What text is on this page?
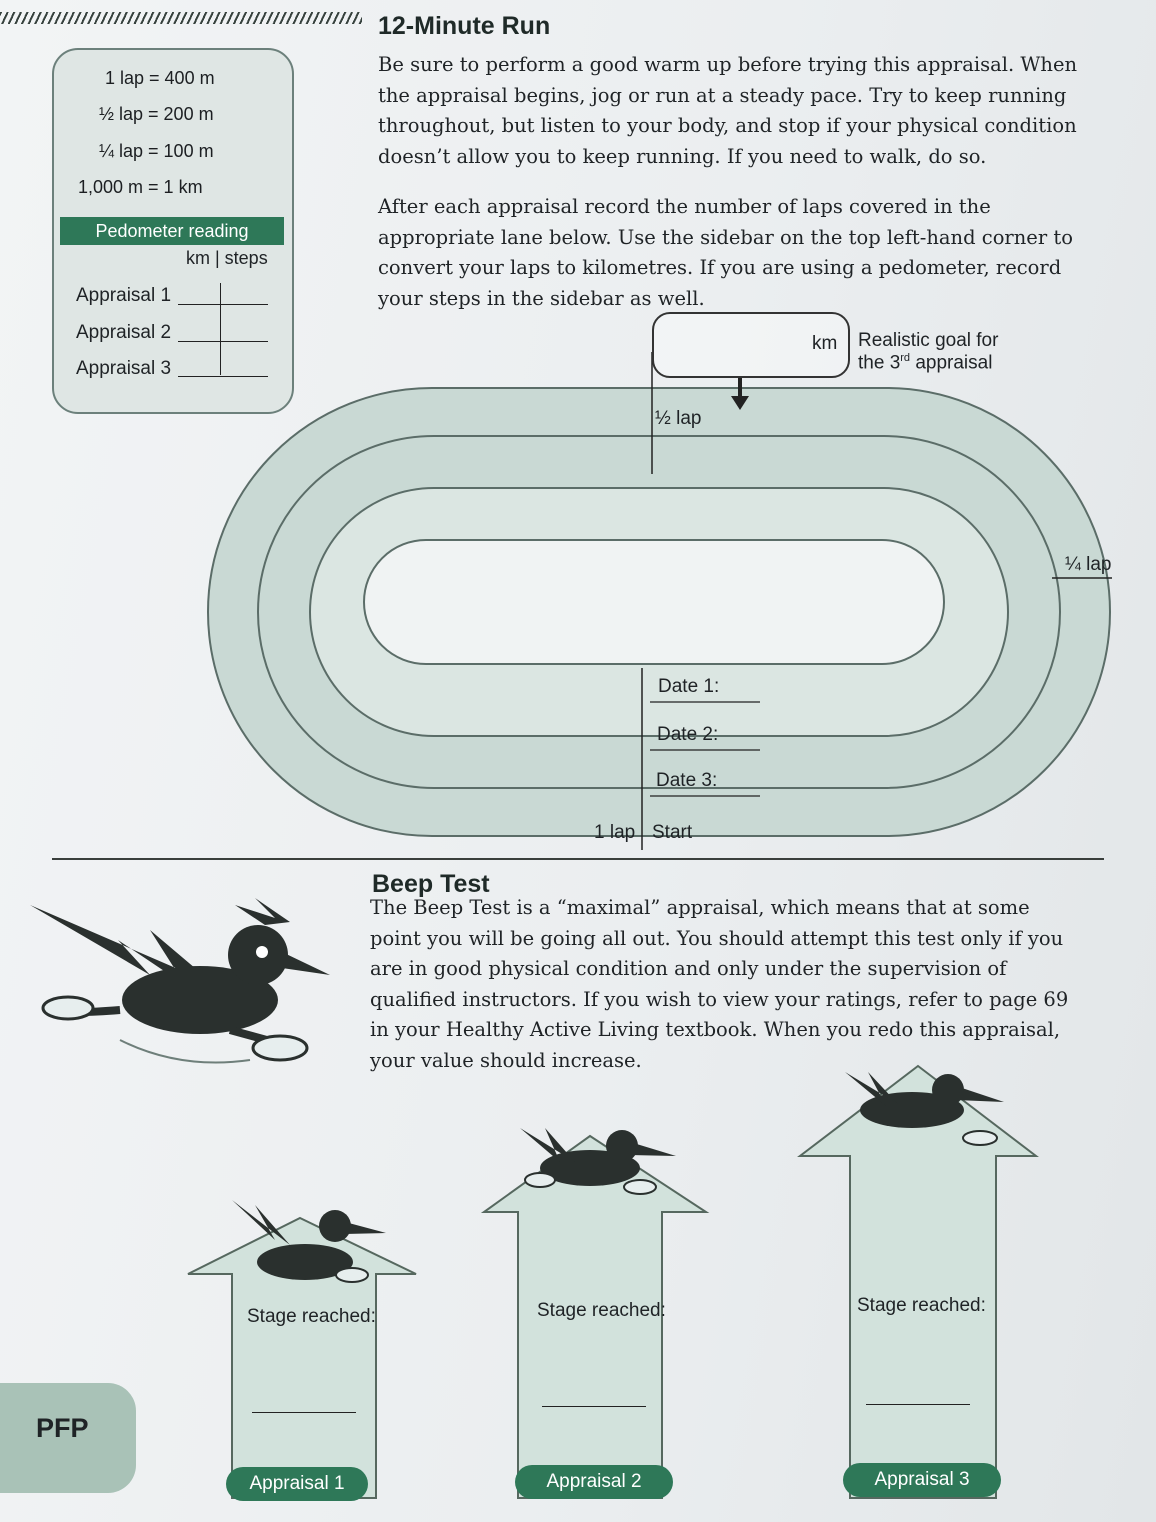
1 lap = 400 m
½ lap = 200 m
¼ lap = 100 m
1,000 m = 1 km
Pedometer reading
km | steps
Appraisal 1
Appraisal 2
Appraisal 3
12-Minute Run

Be sure to perform a good warm up before trying this appraisal. When the appraisal begins, jog or run at a steady pace. Try to keep running throughout, but listen to your body, and stop if your physical condition doesn’t allow you to keep running. If you need to walk, do so.

After each appraisal record the number of laps covered in the appropriate lane below. Use the sidebar on the top left-hand corner to convert your laps to kilometres. If you are using a pedometer, record your steps in the sidebar as well.

km Realistic goal for
the 3rd appraisal
½ lap
¼ lap
Date 1:
Date 2:
Date 3:
1 lap Start
Beep Test

The Beep Test is a “maximal” appraisal, which means that at some point you will be going all out. You should attempt this test only if you are in good physical condition and only under the supervision of qualified instructors. If you wish to view your ratings, refer to page 69 in your Healthy Active Living textbook. When you redo this appraisal, your value should increase.

Stage reached:	Stage reached:	Stage reached:
Appraisal 1	Appraisal 2	Appraisal 3
PFP
